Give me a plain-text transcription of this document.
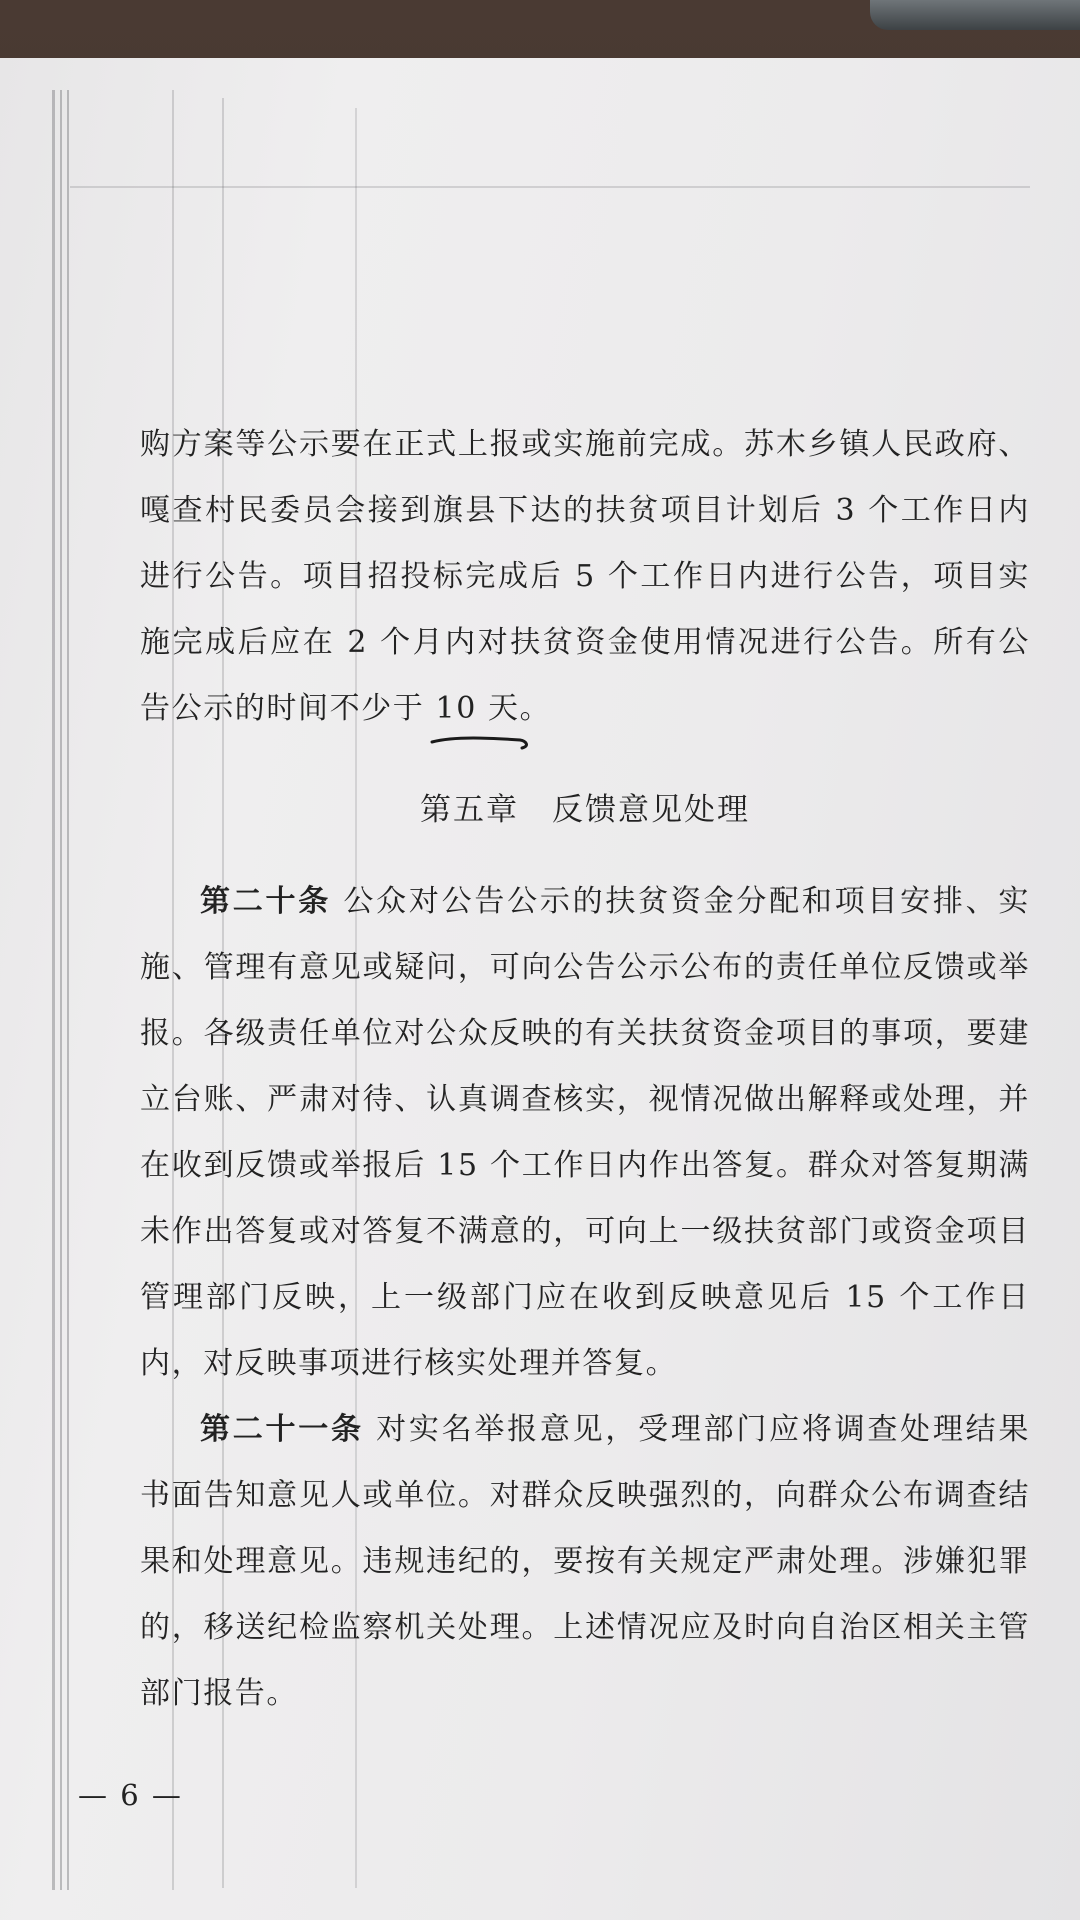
购方案等公示要在正式上报或实施前完成。苏木乡镇人民政府、嘎查村民委员会接到旗县下达的扶贫项目计划后 3 个工作日内进行公告。项目招投标完成后 5 个工作日内进行公告，项目实施完成后应在 2 个月内对扶贫资金使用情况进行公告。所有公告公示的时间不少于 10 天
。

第五章　反馈意见处理

第二十条 公众对公告公示的扶贫资金分配和项目安排、实施、管理有意见或疑问，可向公告公示公布的责任单位反馈或举报。各级责任单位对公众反映的有关扶贫资金项目的事项，要建立台账、严肃对待、认真调查核实，视情况做出解释或处理，并在收到反馈或举报后 15 个工作日内作出答复。群众对答复期满未作出答复或对答复不满意的，可向上一级扶贫部门或资金项目管理部门反映，上一级部门应在收到反映意见后 15 个工作日内，对反映事项进行核实处理并答复。

第二十一条 对实名举报意见，受理部门应将调查处理结果书面告知意见人或单位。对群众反映强烈的，向群众公布调查结果和处理意见。违规违纪的，要按有关规定严肃处理。涉嫌犯罪的，移送纪检监察机关处理。上述情况应及时向自治区相关主管部门报告。

— 6 —
